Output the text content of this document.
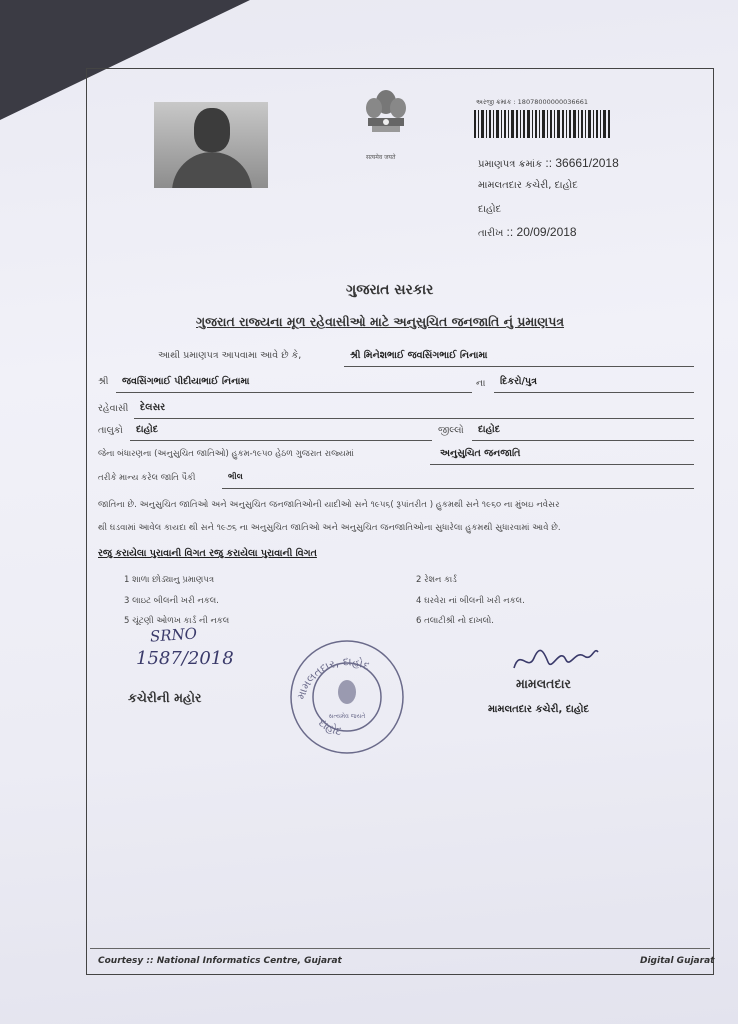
सत्यमेव जयते
અરજી ક્રમાંક : 18078000000036661
પ્રમાણપત્ર ક્રમાંક :: 36661/2018
મામલતદાર કચેરી, દાહોદ
દાહોદ
તારીખ :: 20/09/2018
ગુજરાત સરકાર
ગુજરાત રાજ્યના મૂળ રહેવાસીઓ માટે અનુસુચિત જનજાતિ નું પ્રમાણપત્ર
આથી પ્રમાણપત્ર આપવામા આવે છે કે,	શ્રી મિનેશભાઈ જવસિંગભાઈ નિનામા
શ્રી જવસિંગભાઈ પીદીયાભાઈ નિનામા	ના દિકરો/પુત્ર
રહેવાસી દેલસર
તાલુકો દાહોદ	જીલ્લો દાહોદ
જેના બંધારણના (અનુસુચિત જાતિઓ) હુકમ-૧૯૫૦ હેઠળ ગુજરાત રાજ્યમાં	અનુસુચિત જનજાતિ
તરીકે માન્ય કરેલ જાતિ પૈકી	ભીલ
જાતિના છે. અનુસુચિત જાતિઓ અને અનુસુચિત જનજાતિઓની યાદીઓ સને ૧૯૫૬( રૂપાંતરીત ) હુકમથી સને ૧૯૬૦ ના મુંબઇ નવેસર
થી ઘડવામાં આવેલ કાયદા થી સને ૧૯૭૬ ના અનુસુચિત જાતિઓ અને અનુસુચિત જનજાતિઓના સુધારેલા હુકમથી સુધારવામાં આવે છે.
રજુ કરાયેલા પુરાવાની વિગત રજુ કરાયેલા પુરાવાની વિગત
1 શાળા છોડ્યાનુ પ્રમાણપત્ર	2 રેશન કાર્ડ
3 લાઇટ બીલની ખરી નકલ.	4 ઘરવેરા નાં બીલની ખરી નકલ.
5 ચૂંટણી ઓળખ કાર્ડ ની નકલ	6 તલાટીશ્રી નો દાખલો.
SRNO
1587/2018
સત્યમેવ જયતે
મામલતદાર, દાહોદ
દાહોદ
કચેરીની મહોર
મામલતદાર
મામલતદાર કચેરી, દાહોદ
Courtesy :: National Informatics Centre, Gujarat	Digital Gujarat
